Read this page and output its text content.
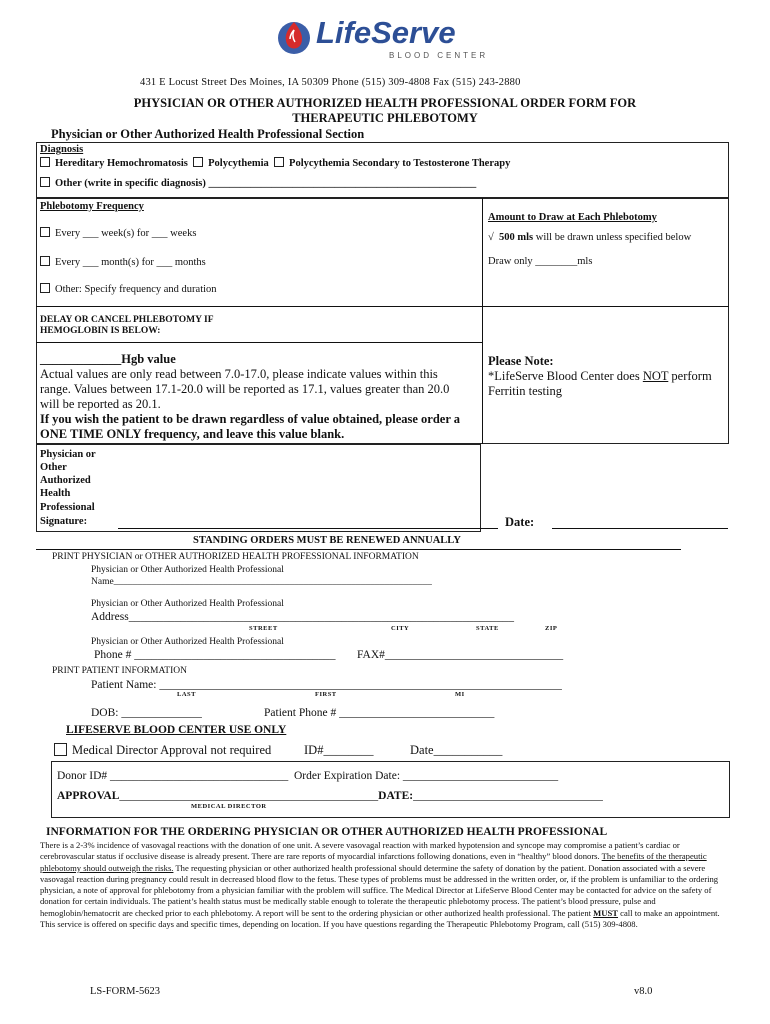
LifeServe
BLOOD CENTER
431 E Locust Street Des Moines, IA 50309 Phone (515) 309-4808 Fax (515) 243-2880
PHYSICIAN OR OTHER AUTHORIZED HEALTH PROFESSIONAL ORDER FORM FOR
THERAPEUTIC PHLEBOTOMY
Physician or Other Authorized Health Professional Section
Diagnosis
Hereditary Hemochromatosis Polycythemia Polycythemia Secondary to Testosterone Therapy
Other (write in specific diagnosis) ___________________________________________________
Phlebotomy Frequency
Every ___ week(s) for ___ weeks
Every ___ month(s) for ___ months
Other: Specify frequency and duration
Amount to Draw at Each Phlebotomy
√ 500 mls will be drawn unless specified below
Draw only ________mls
DELAY OR CANCEL PHLEBOTOMY IF
HEMOGLOBIN IS BELOW:
_____________Hgb value
Actual values are only read between 7.0-17.0, please indicate values within this
range. Values between 17.1-20.0 will be reported as 17.1, values greater than 20.0
will be reported as 20.1.
If you wish the patient to be drawn regardless of value obtained, please order a
ONE TIME ONLY frequency, and leave this value blank.
Please Note:
*LifeServe Blood Center does NOT perform
Ferritin testing
Physician or
Other
Authorized
Health
Professional
Signature:	Date:
STANDING ORDERS MUST BE RENEWED ANNUALLY
PRINT PHYSICIAN or OTHER AUTHORIZED HEALTH PROFESSIONAL INFORMATION
Physician or Other Authorized Health Professional
Name___________________________________________________________________
Physician or Other Authorized Health Professional
Address___________________________________________________________________
STREET	CITY	STATE	ZIP
Physician or Other Authorized Health Professional
Phone # ___________________________________ FAX#_______________________________
PRINT PATIENT INFORMATION
Patient Name: ______________________________________________________________________
LAST	FIRST	MI
DOB: ______________	Patient Phone # ___________________________
LIFESERVE BLOOD CENTER USE ONLY
Medical Director Approval not required	ID#________	Date___________
Donor ID# _______________________________ Order Expiration Date: ___________________________
APPROVAL_____________________________________________DATE:_________________________________
MEDICAL DIRECTOR
INFORMATION FOR THE ORDERING PHYSICIAN OR OTHER AUTHORIZED HEALTH PROFESSIONAL
There is a 2-3% incidence of vasovagal reactions with the donation of one unit. A severe vasovagal reaction with marked hypotension and syncope may compromise a patient’s cardiac or cerebrovascular status if occlusive disease is already present. There are rare reports of myocardial infarctions following donations, even in “healthy” blood donors. The benefits of the therapeutic phlebotomy should outweigh the risks. The requesting physician or other authorized health professional should determine the safety of donation by the patient. Donation associated with a severe vasovagal reaction during pregnancy could result in decreased blood flow to the fetus. These types of problems must be addressed in the written order, or, if the problem is unfamiliar to the ordering physician, a note of approval for phlebotomy from a physician familiar with the problem will suffice. The Medical Director at LifeServe Blood Center may be contacted for advice on the safety of donation for certain individuals. The patient’s health status must be medically stable enough to tolerate the therapeutic phlebotomy process. The patient’s blood pressure, pulse and hemoglobin/hematocrit are checked prior to each phlebotomy. A report will be sent to the ordering physician or other authorized health professional. The patient MUST call to make an appointment. This service is offered on specific days and specific times, depending on location. If you have questions regarding the Therapeutic Phlebotomy Program, call (515) 309-4808.
LS-FORM-5623	v8.0
